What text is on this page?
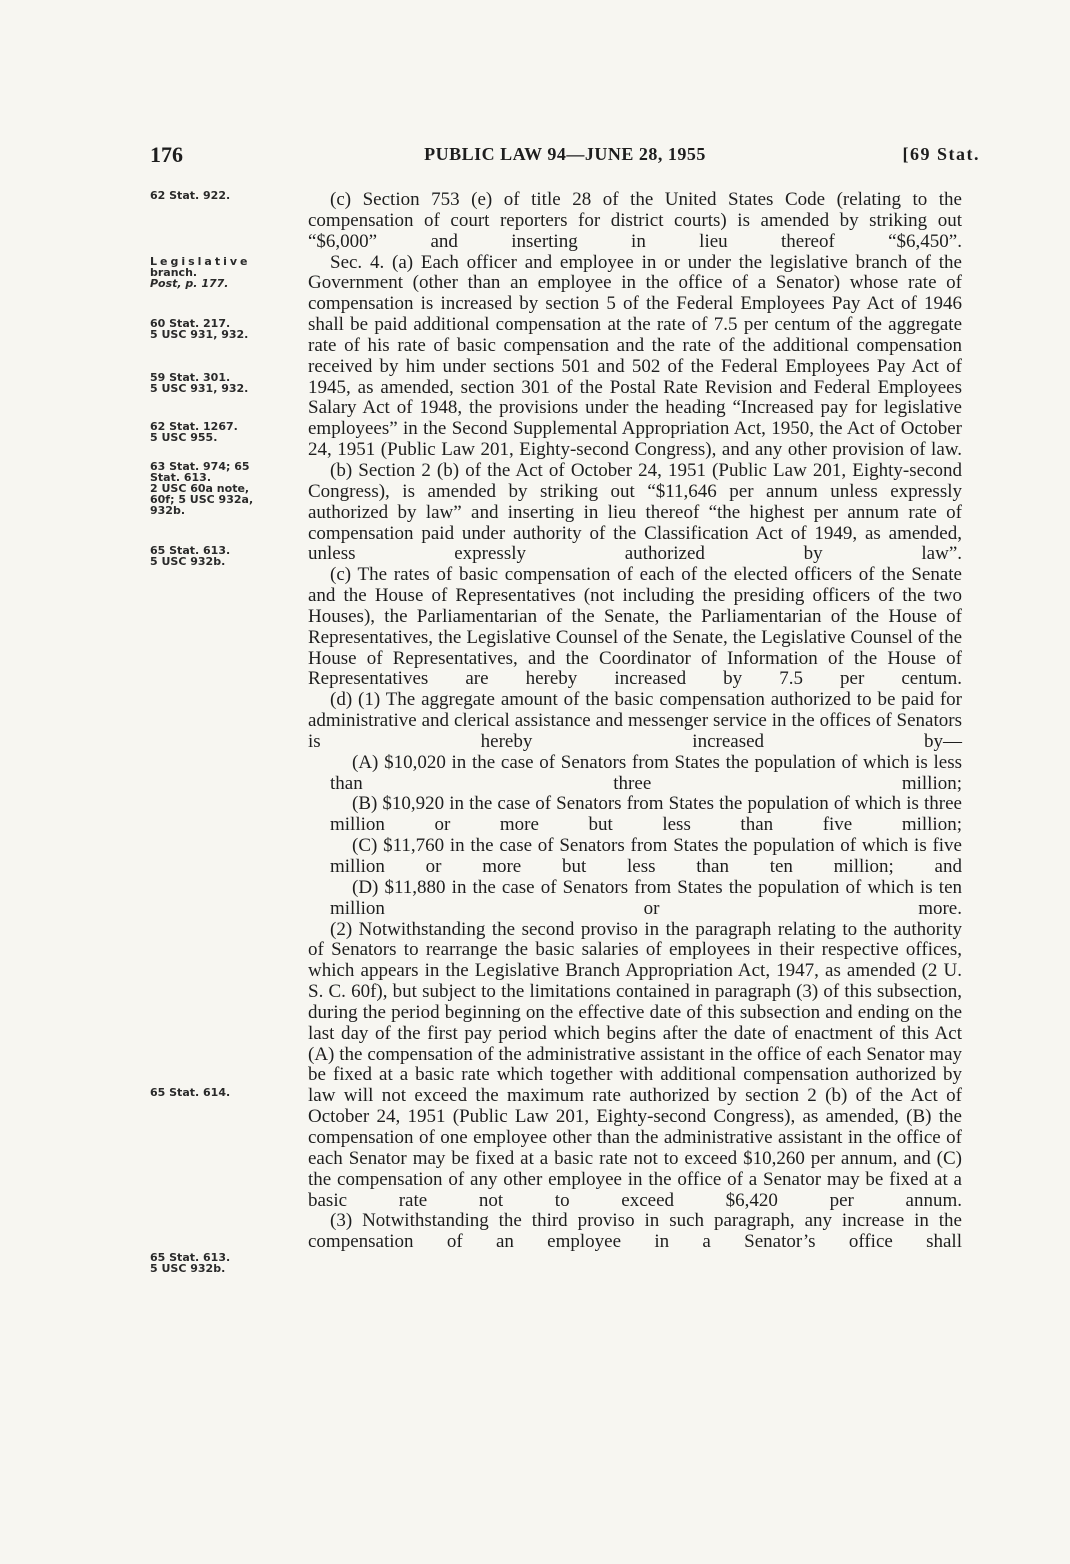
176	PUBLIC LAW 94—JUNE 28, 1955	[69 Stat.
62 Stat. 922.
Legislative
branch.
Post, p. 177.
60 Stat. 217.
5 USC 931, 932.
59 Stat. 301.
5 USC 931, 932.
62 Stat. 1267.
5 USC 955.
63 Stat. 974; 65
Stat. 613.
2 USC 60a note,
60f; 5 USC 932a,
932b.
65 Stat. 613.
5 USC 932b.
65 Stat. 614.
65 Stat. 613.
5 USC 932b.

(c) Section 753 (e) of title 28 of the United States Code (relating to the compensation of court reporters for district courts) is amended by striking out “$6,000” and inserting in lieu thereof “$6,450”.

Sec. 4. (a) Each officer and employee in or under the legislative branch of the Government (other than an employee in the office of a Senator) whose rate of compensation is increased by section 5 of the Federal Employees Pay Act of 1946 shall be paid additional compensation at the rate of 7.5 per centum of the aggregate rate of his rate of basic compensation and the rate of the additional compensation received by him under sections 501 and 502 of the Federal Employees Pay Act of 1945, as amended, section 301 of the Postal Rate Revision and Federal Employees Salary Act of 1948, the provisions under the heading “Increased pay for legislative employees” in the Second Supplemental Appropriation Act, 1950, the Act of October 24, 1951 (Public Law 201, Eighty-second Congress), and any other provision of law.

(b) Section 2 (b) of the Act of October 24, 1951 (Public Law 201, Eighty-second Congress), is amended by striking out “$11,646 per annum unless expressly authorized by law” and inserting in lieu thereof “the highest per annum rate of compensation paid under authority of the Classification Act of 1949, as amended, unless expressly authorized by law”.

(c) The rates of basic compensation of each of the elected officers of the Senate and the House of Representatives (not including the presiding officers of the two Houses), the Parliamentarian of the Senate, the Parliamentarian of the House of Representatives, the Legislative Counsel of the Senate, the Legislative Counsel of the House of Representatives, and the Coordinator of Information of the House of Representatives are hereby increased by 7.5 per centum.

(d) (1) The aggregate amount of the basic compensation authorized to be paid for administrative and clerical assistance and messenger service in the offices of Senators is hereby increased by—

(A) $10,020 in the case of Senators from States the population of which is less than three million;

(B) $10,920 in the case of Senators from States the population of which is three million or more but less than five million;

(C) $11,760 in the case of Senators from States the population of which is five million or more but less than ten million; and

(D) $11,880 in the case of Senators from States the population of which is ten million or more.

(2) Notwithstanding the second proviso in the paragraph relating to the authority of Senators to rearrange the basic salaries of employees in their respective offices, which appears in the Legislative Branch Appropriation Act, 1947, as amended (2 U. S. C. 60f), but subject to the limitations contained in paragraph (3) of this subsection, during the period beginning on the effective date of this subsection and ending on the last day of the first pay period which begins after the date of enactment of this Act (A) the compensation of the administrative assistant in the office of each Senator may be fixed at a basic rate which together with additional compensation authorized by law will not exceed the maximum rate authorized by section 2 (b) of the Act of October 24, 1951 (Public Law 201, Eighty-second Congress), as amended, (B) the compensation of one employee other than the administrative assistant in the office of each Senator may be fixed at a basic rate not to exceed $10,260 per annum, and (C) the compensation of any other employee in the office of a Senator may be fixed at a basic rate not to exceed $6,420 per annum.

(3) Notwithstanding the third proviso in such paragraph, any increase in the compensation of an employee in a Senator’s office shall
